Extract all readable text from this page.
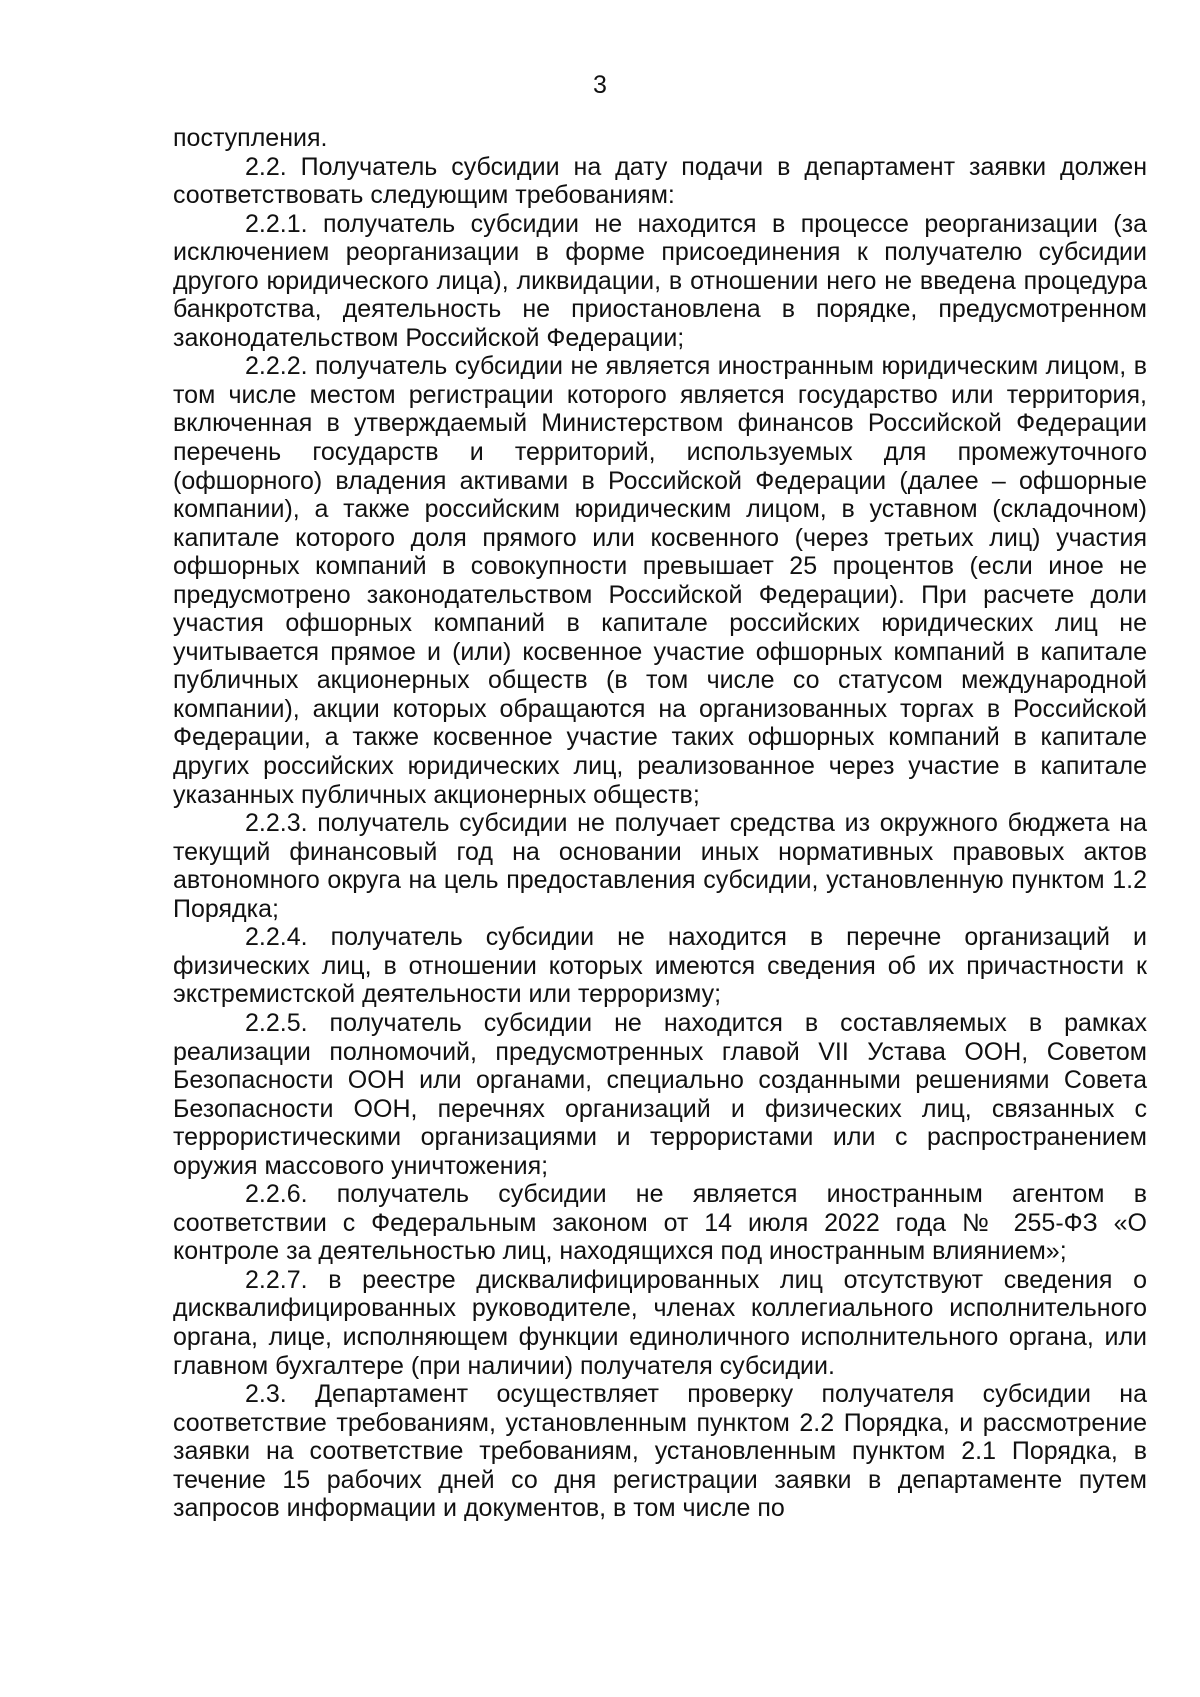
3

поступления.

2.2. Получатель субсидии на дату подачи в департамент заявки должен соответствовать следующим требованиям:

2.2.1. получатель субсидии не находится в процессе реорганизации (за исключением реорганизации в форме присоединения к получателю субсидии другого юридического лица), ликвидации, в отношении него не введена процедура банкротства, деятельность не приостановлена в порядке, предусмотренном законодательством Российской Федерации;

2.2.2. получатель субсидии не является иностранным юридическим лицом, в том числе местом регистрации которого является государство или территория, включенная в утверждаемый Министерством финансов Российской Федерации перечень государств и территорий, используемых для промежуточного (офшорного) владения активами в Российской Федерации (далее – офшорные компании), а также российским юридическим лицом, в уставном (складочном) капитале которого доля прямого или косвенного (через третьих лиц) участия офшорных компаний в совокупности превышает 25 процентов (если иное не предусмотрено законодательством Российской Федерации). При расчете доли участия офшорных компаний в капитале российских юридических лиц не учитывается прямое и (или) косвенное участие офшорных компаний в капитале публичных акционерных обществ (в том числе со статусом международной компании), акции которых обращаются на организованных торгах в Российской Федерации, а также косвенное участие таких офшорных компаний в капитале других российских юридических лиц, реализованное через участие в капитале указанных публичных акционерных обществ;

2.2.3. получатель субсидии не получает средства из окружного бюджета на текущий финансовый год на основании иных нормативных правовых актов автономного округа на цель предоставления субсидии, установленную пунктом 1.2 Порядка;

2.2.4. получатель субсидии не находится в перечне организаций и физических лиц, в отношении которых имеются сведения об их причастности к экстремистской деятельности или терроризму;

2.2.5. получатель субсидии не находится в составляемых в рамках реализации полномочий, предусмотренных главой VII Устава ООН, Советом Безопасности ООН или органами, специально созданными решениями Совета Безопасности ООН, перечнях организаций и физических лиц, связанных с террористическими организациями и террористами или с распространением оружия массового уничтожения;

2.2.6. получатель субсидии не является иностранным агентом в соответствии с Федеральным законом от 14 июля 2022 года № 255-ФЗ «О контроле за деятельностью лиц, находящихся под иностранным влиянием»;

2.2.7. в реестре дисквалифицированных лиц отсутствуют сведения о дисквалифицированных руководителе, членах коллегиального исполнительного органа, лице, исполняющем функции единоличного исполнительного органа, или главном бухгалтере (при наличии) получателя субсидии.

2.3. Департамент осуществляет проверку получателя субсидии на соответствие требованиям, установленным пунктом 2.2 Порядка, и рассмотрение заявки на соответствие требованиям, установленным пунктом 2.1 Порядка, в течение 15 рабочих дней со дня регистрации заявки в департаменте путем запросов информации и документов, в том числе по
